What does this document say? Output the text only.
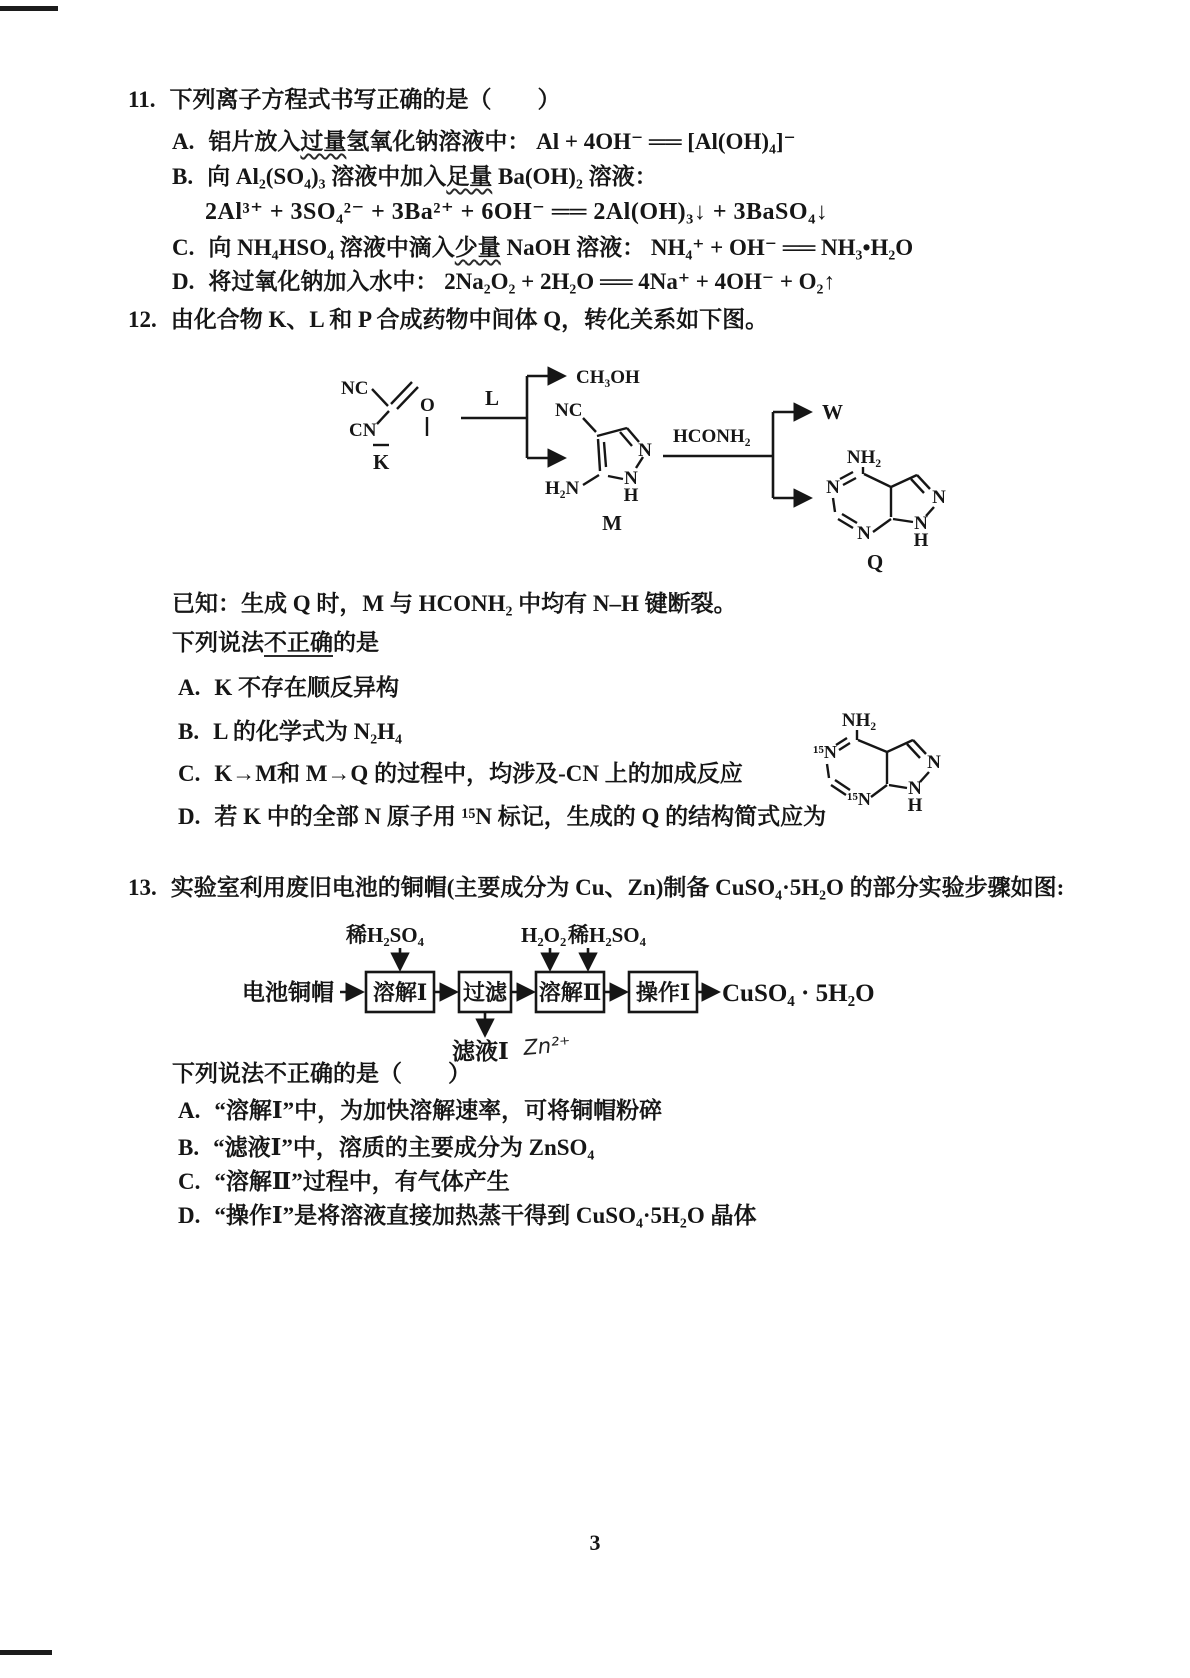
11. 下列离子方程式书写正确的是（　　）
A. 铝片放入过量氢氧化钠溶液中： Al + 4OH⁻ ══ [Al(OH)₄]⁻
B. 向 Al₂(SO₄)₃ 溶液中加入足量 Ba(OH)₂ 溶液：
2Al³⁺ + 3SO₄²⁻ + 3Ba²⁺ + 6OH⁻ ══ 2Al(OH)₃↓ + 3BaSO₄↓
C. 向 NH₄HSO₄ 溶液中滴入少量 NaOH 溶液： NH₄⁺ + OH⁻ ══ NH₃•H₂O
D. 将过氧化钠加入水中： 2Na₂O₂ + 2H₂O ══ 4Na⁺ + 4OH⁻ + O₂↑
12. 由化合物 K、L 和 P 合成药物中间体 Q，转化关系如下图。
NC
CN
K
O L
CH₃OH
NC
N
N
H
H₂N
M
HCONH₂
W
NH₂
N
N
N
N
H
Q
已知：生成 Q 时，M 与 HCONH₂ 中均有 N–H 键断裂。
下列说法不正确的是
A. K 不存在顺反异构
B. L 的化学式为 N₂H₄
C. K→M和 M→Q 的过程中，均涉及-CN 上的加成反应
D. 若 K 中的全部 N 原子用 ¹⁵N 标记，生成的 Q 的结构简式应为
NH₂
¹⁵N
¹⁵N
N
N
H
13. 实验室利用废旧电池的铜帽(主要成分为 Cu、Zn)制备 CuSO₄·5H₂O 的部分实验步骤如图:
稀H₂SO₄	H₂O₂ 稀H₂SO₄
电池铜帽 溶解Ⅰ 过滤 溶解Ⅱ 操作Ⅰ CuSO₄ · 5H₂O
滤液Ⅰ Zn²⁺
下列说法不正确的是（　　）
A. “溶解Ⅰ”中，为加快溶解速率，可将铜帽粉碎
B. “滤液Ⅰ”中，溶质的主要成分为 ZnSO₄
C. “溶解Ⅱ”过程中，有气体产生
D. “操作Ⅰ”是将溶液直接加热蒸干得到 CuSO₄·5H₂O 晶体
3
